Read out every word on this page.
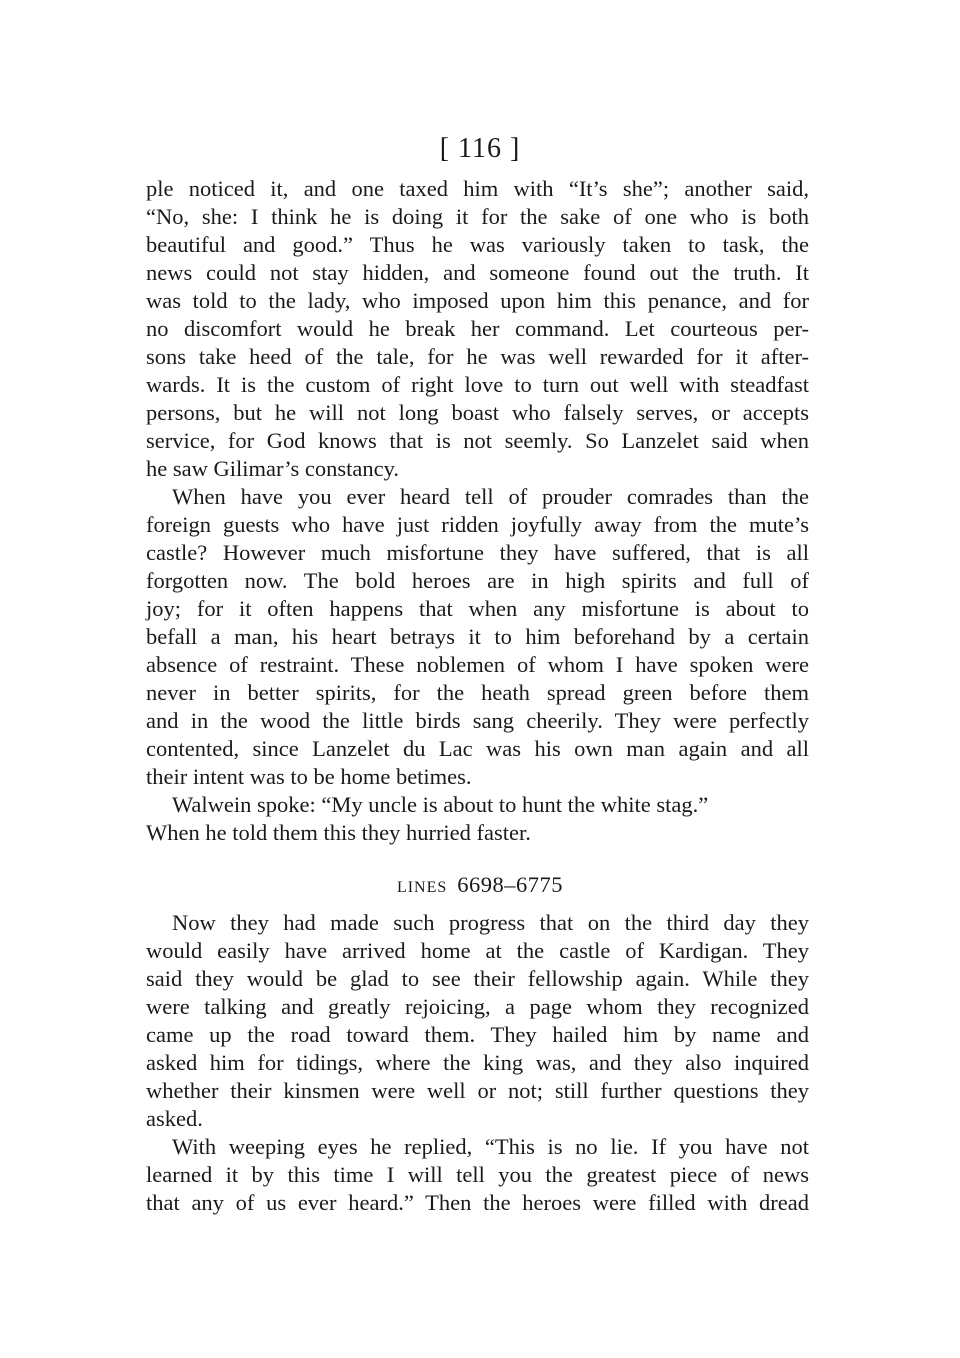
[ 116 ]
ple noticed it, and one taxed him with “It’s she”; another said,
“No, she: I think he is doing it for the sake of one who is both
beautiful and good.” Thus he was variously taken to task, the
news could not stay hidden, and someone found out the truth. It
was told to the lady, who imposed upon him this penance, and for
no discomfort would he break her command. Let courteous per-
sons take heed of the tale, for he was well rewarded for it after-
wards. It is the custom of right love to turn out well with steadfast
persons, but he will not long boast who falsely serves, or accepts
service, for God knows that is not seemly. So Lanzelet said when
he saw Gilimar’s constancy.
When have you ever heard tell of prouder comrades than the
foreign guests who have just ridden joyfully away from the mute’s
castle? However much misfortune they have suffered, that is all
forgotten now. The bold heroes are in high spirits and full of
joy; for it often happens that when any misfortune is about to
befall a man, his heart betrays it to him beforehand by a certain
absence of restraint. These noblemen of whom I have spoken were
never in better spirits, for the heath spread green before them
and in the wood the little birds sang cheerily. They were perfectly
contented, since Lanzelet du Lac was his own man again and all
their intent was to be home betimes.
Walwein spoke: “My uncle is about to hunt the white stag.”
When he told them this they hurried faster.
lines 6698–6775
Now they had made such progress that on the third day they
would easily have arrived home at the castle of Kardigan. They
said they would be glad to see their fellowship again. While they
were talking and greatly rejoicing, a page whom they recognized
came up the road toward them. They hailed him by name and
asked him for tidings, where the king was, and they also inquired
whether their kinsmen were well or not; still further questions they
asked.
With weeping eyes he replied, “This is no lie. If you have not
learned it by this time I will tell you the greatest piece of news
that any of us ever heard.” Then the heroes were filled with dread
